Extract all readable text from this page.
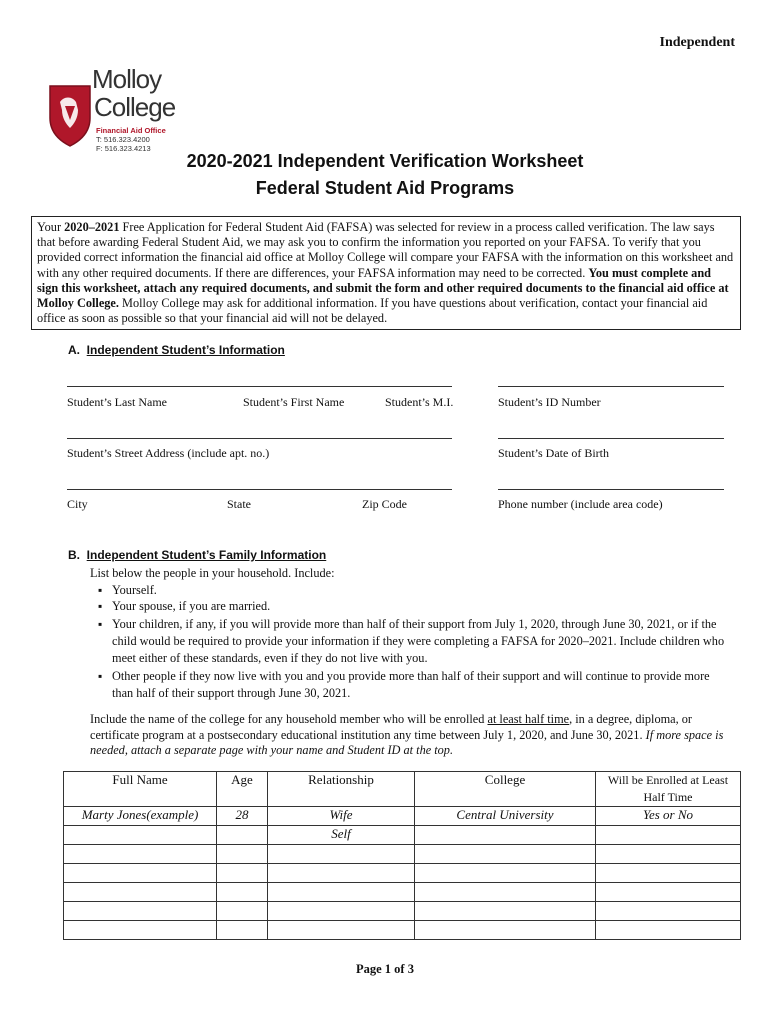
Independent
Molloy
College
Financial Aid Office
T: 516.323.4200
F: 516.323.4213
2020-2021 Independent Verification Worksheet
Federal Student Aid Programs
Your 2020–2021 Free Application for Federal Student Aid (FAFSA) was selected for review in a process called verification. The law says that before awarding Federal Student Aid, we may ask you to confirm the information you reported on your FAFSA. To verify that you provided correct information the financial aid office at Molloy College will compare your FAFSA with the information on this worksheet and with any other required documents. If there are differences, your FAFSA information may need to be corrected. You must complete and sign this worksheet, attach any required documents, and submit the form and other required documents to the financial aid office at Molloy College. Molloy College may ask for additional information. If you have questions about verification, contact your financial aid office as soon as possible so that your financial aid will not be delayed.
A. Independent Student’s Information
Student’s Last Name	Student’s First Name	Student’s M.I.	Student’s ID Number
Student’s Street Address (include apt. no.)	Student’s Date of Birth
City	State	Zip Code	Phone number (include area code)
B. Independent Student’s Family Information
List below the people in your household. Include:
▪ Yourself.
▪ Your spouse, if you are married.
▪ Your children, if any, if you will provide more than half of their support from July 1, 2020, through June 30, 2021, or if the child would be required to provide your information if they were completing a FAFSA for 2020–2021. Include children who meet either of these standards, even if they do not live with you.
▪ Other people if they now live with you and you provide more than half of their support and will continue to provide more than half of their support through June 30, 2021.
Include the name of the college for any household member who will be enrolled at least half time, in a degree, diploma, or certificate program at a postsecondary educational institution any time between July 1, 2020, and June 30, 2021. If more space is needed, attach a separate page with your name and Student ID at the top.
Full Name	Age	Relationship	College	Will be Enrolled at Least Half Time
Marty Jones(example)	28	Wife	Central University	Yes or No
		Self		

Page 1 of 3
